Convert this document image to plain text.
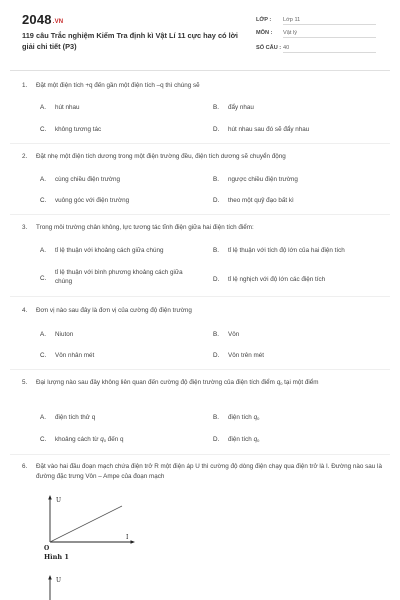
2048.VN
119 câu Trắc nghiệm Kiểm Tra định kì Vật Lí 11 cực hay có lời giải chi tiết (P3)
LỚP : Lớp 11
MÔN : Vật lý
SỐ CÂU : 40
1. Đặt một điện tích +q đến gần một điện tích –q thì chúng sẽ
A. hút nhau	B. đẩy nhau
C. không tương tác	D. hút nhau sau đó sẽ đẩy nhau
2. Đặt nhẹ một điện tích dương trong một điện trường đều, điện tích dương sẽ chuyển động
A. cùng chiều điện trường	B. ngược chiều điện trường
C. vuông góc với điện trường	D. theo một quỹ đạo bất kì
3. Trong môi trường chân không, lực tương tác tĩnh điện giữa hai điện tích điểm:
A. tỉ lệ thuận với khoảng cách giữa chúng	B. tỉ lệ thuận với tích độ lớn của hai điện tích
C.
tỉ lệ thuận với bình phương khoảng cách giữa chúng	D. tỉ lệ nghịch với độ lớn các điện tích
4. Đơn vị nào sau đây là đơn vị của cường độ điện trường
A. Niuton	B. Vôn
C. Vôn nhân mét	D. Vôn trên mét
5. Đại lượng nào sau đây không liên quan đến cường độ điện trường của điện tích điểm $q_0$ tại một điểm
A. điện tích thử q	B. điện tích $q_0$
C. khoảng cách từ $q_0$ đến q	D. điện tích $q_0$
6. Đặt vào hai đầu đoạn mạch chứa điện trở R một điện áp U thì cường độ dòng điện chạy qua điện trở là I. Đường nào sau là đường đặc trưng Vôn – Ampe của đoạn mạch
U
I
O
Hình 1
U
